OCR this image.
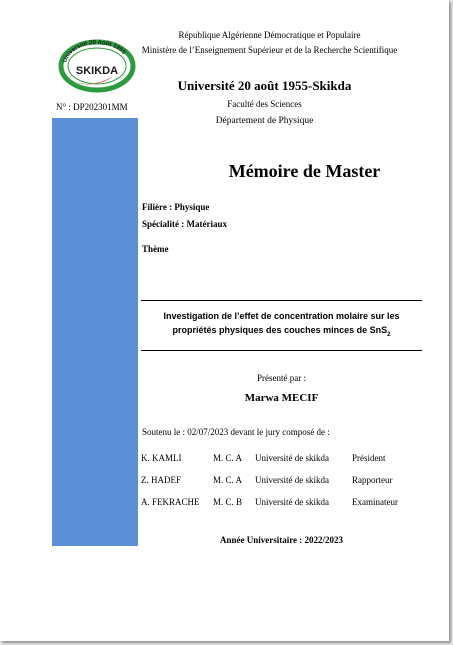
Université 20 Août 1955
SKIKDA
République Algérienne Démocratique et Populaire
Ministère de l’Enseignement Supérieur et de la Recherche Scientifique
Université 20 août 1955-Skikda
Faculté des Sciences
Département de Physique
N° : DP202301MM
Mémoire de Master
Filière : Physique
Spécialité : Matériaux
Thème
Investigation de l’effet de concentration molaire sur les
propriétés physiques des couches minces de SnS$_2$
Présenté par :
Marwa MECIF
Soutenu le : 02/07/2023 devant le jury composé de :
K. KAMLI	M. C. A Université de skikda	Président
Z. HADEF	M. C. A Université de skikda	Rapporteur
A. FEKRACHE M. C. B Université de skikda	Examinateur
Année Universitaire : 2022/2023
